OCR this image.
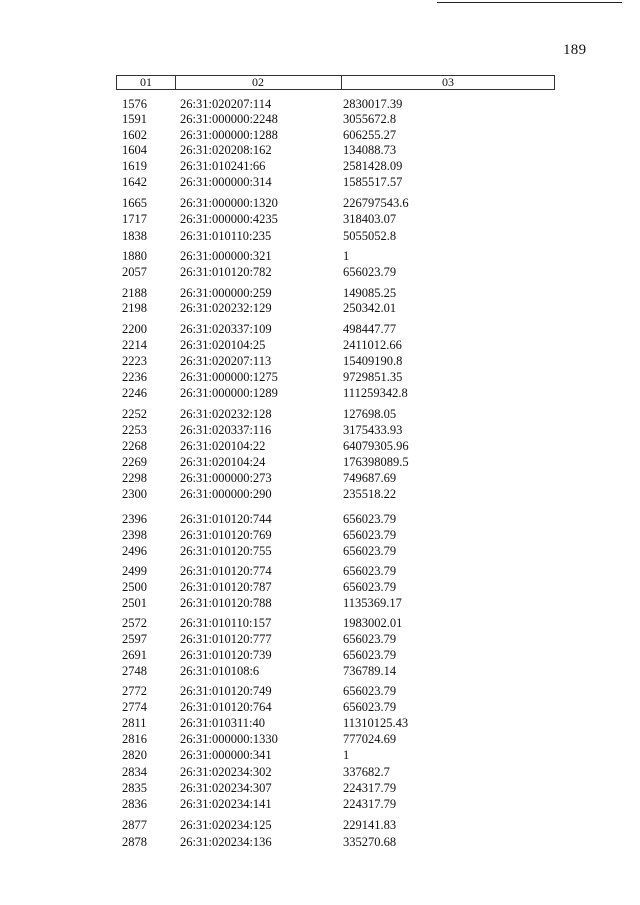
189
01	02	03
1576	26:31:020207:114	2830017.39
1591	26:31:000000:2248	3055672.8
1602	26:31:000000:1288	606255.27
1604	26:31:020208:162	134088.73
1619	26:31:010241:66	2581428.09
1642	26:31:000000:314	1585517.57
1665	26:31:000000:1320	226797543.6
1717	26:31:000000:4235	318403.07
1838	26:31:010110:235	5055052.8
1880	26:31:000000:321	1
2057	26:31:010120:782	656023.79
2188	26:31:000000:259	149085.25
2198	26:31:020232:129	250342.01
2200	26:31:020337:109	498447.77
2214	26:31:020104:25	2411012.66
2223	26:31:020207:113	15409190.8
2236	26:31:000000:1275	9729851.35
2246	26:31:000000:1289	111259342.8
2252	26:31:020232:128	127698.05
2253	26:31:020337:116	3175433.93
2268	26:31:020104:22	64079305.96
2269	26:31:020104:24	176398089.5
2298	26:31:000000:273	749687.69
2300	26:31:000000:290	235518.22
2396	26:31:010120:744	656023.79
2398	26:31:010120:769	656023.79
2496	26:31:010120:755	656023.79
2499	26:31:010120:774	656023.79
2500	26:31:010120:787	656023.79
2501	26:31:010120:788	1135369.17
2572	26:31:010110:157	1983002.01
2597	26:31:010120:777	656023.79
2691	26:31:010120:739	656023.79
2748	26:31:010108:6	736789.14
2772	26:31:010120:749	656023.79
2774	26:31:010120:764	656023.79
2811	26:31:010311:40	11310125.43
2816	26:31:000000:1330	777024.69
2820	26:31:000000:341	1
2834	26:31:020234:302	337682.7
2835	26:31:020234:307	224317.79
2836	26:31:020234:141	224317.79
2877	26:31:020234:125	229141.83
2878	26:31:020234:136	335270.68
